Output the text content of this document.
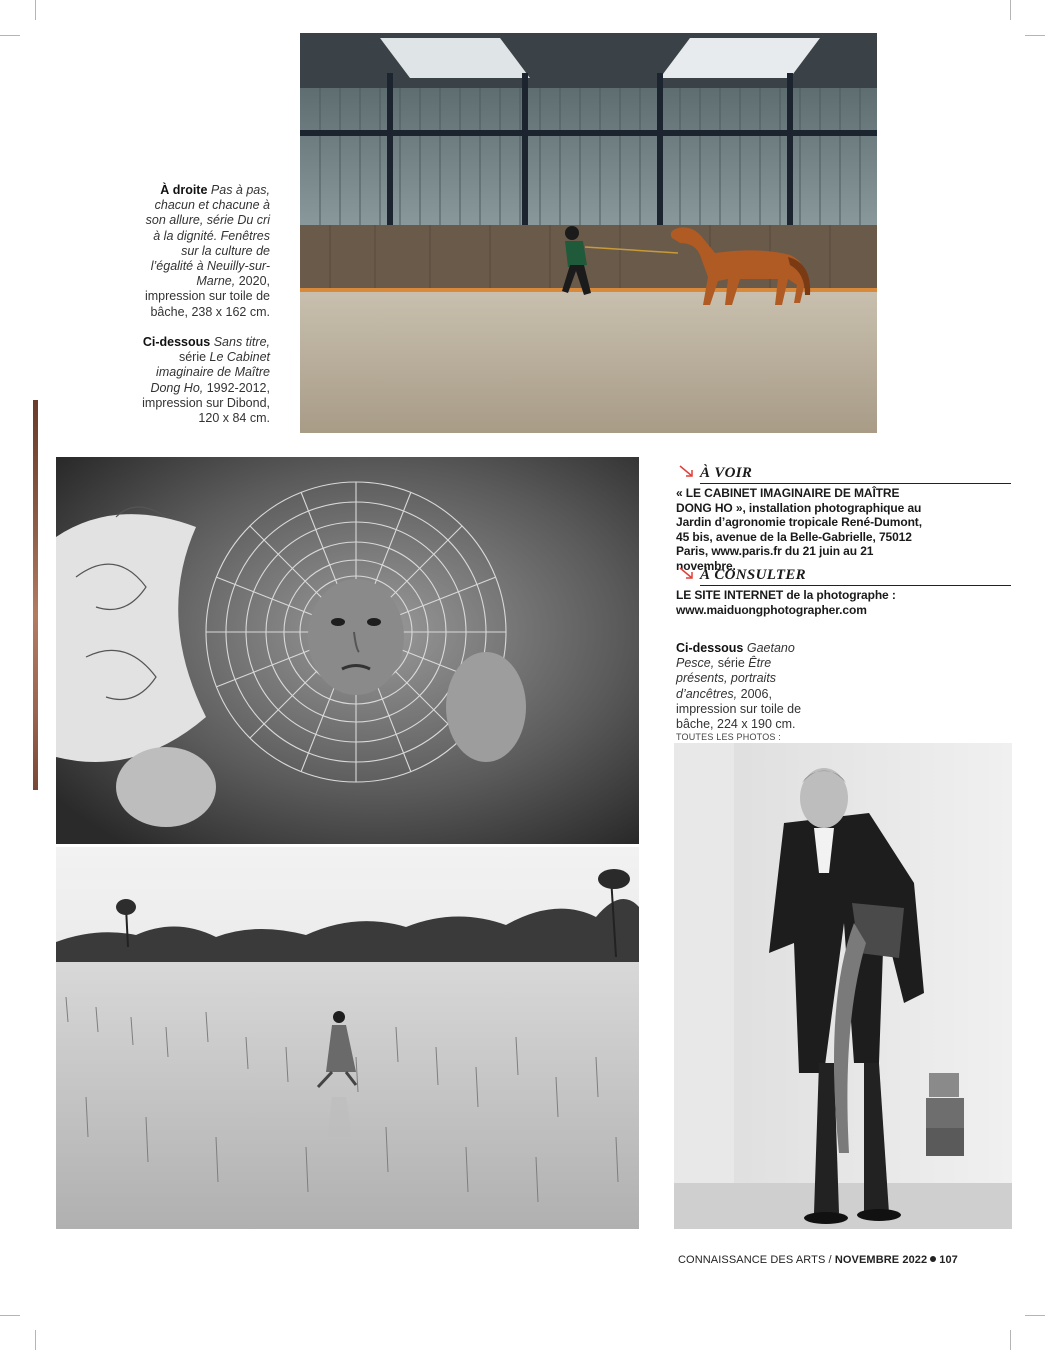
À droite Pas à pas, chacun et chacune à son allure, série Du cri à la dignité. Fenêtres sur la culture de l’égalité à Neuilly-sur-Marne, 2020, impression sur toile de bâche, 238 x 162 cm.
Ci-dessous Sans titre, série Le Cabinet imaginaire de Maître Dong Ho, 1992-2012, impression sur Dibond, 120 x 84 cm.
À VOIR
« LE CABINET IMAGINAIRE DE MAÎTRE DONG HO », installation photographique au Jardin d’agronomie tropicale René-Dumont, 45 bis, avenue de la Belle-Gabrielle, 75012 Paris, www.paris.fr du 21 juin au 21 novembre.
À CONSULTER
LE SITE INTERNET de la photographe :
www.maiduongphotographer.com
Ci-dessous Gaetano Pesce, série Être présents, portraits d’ancêtres, 2006, impression sur toile de bâche, 224 x 190 cm.
TOUTES LES PHOTOS :
CONNAISSANCE DES ARTS / NOVEMBRE 2022 107
